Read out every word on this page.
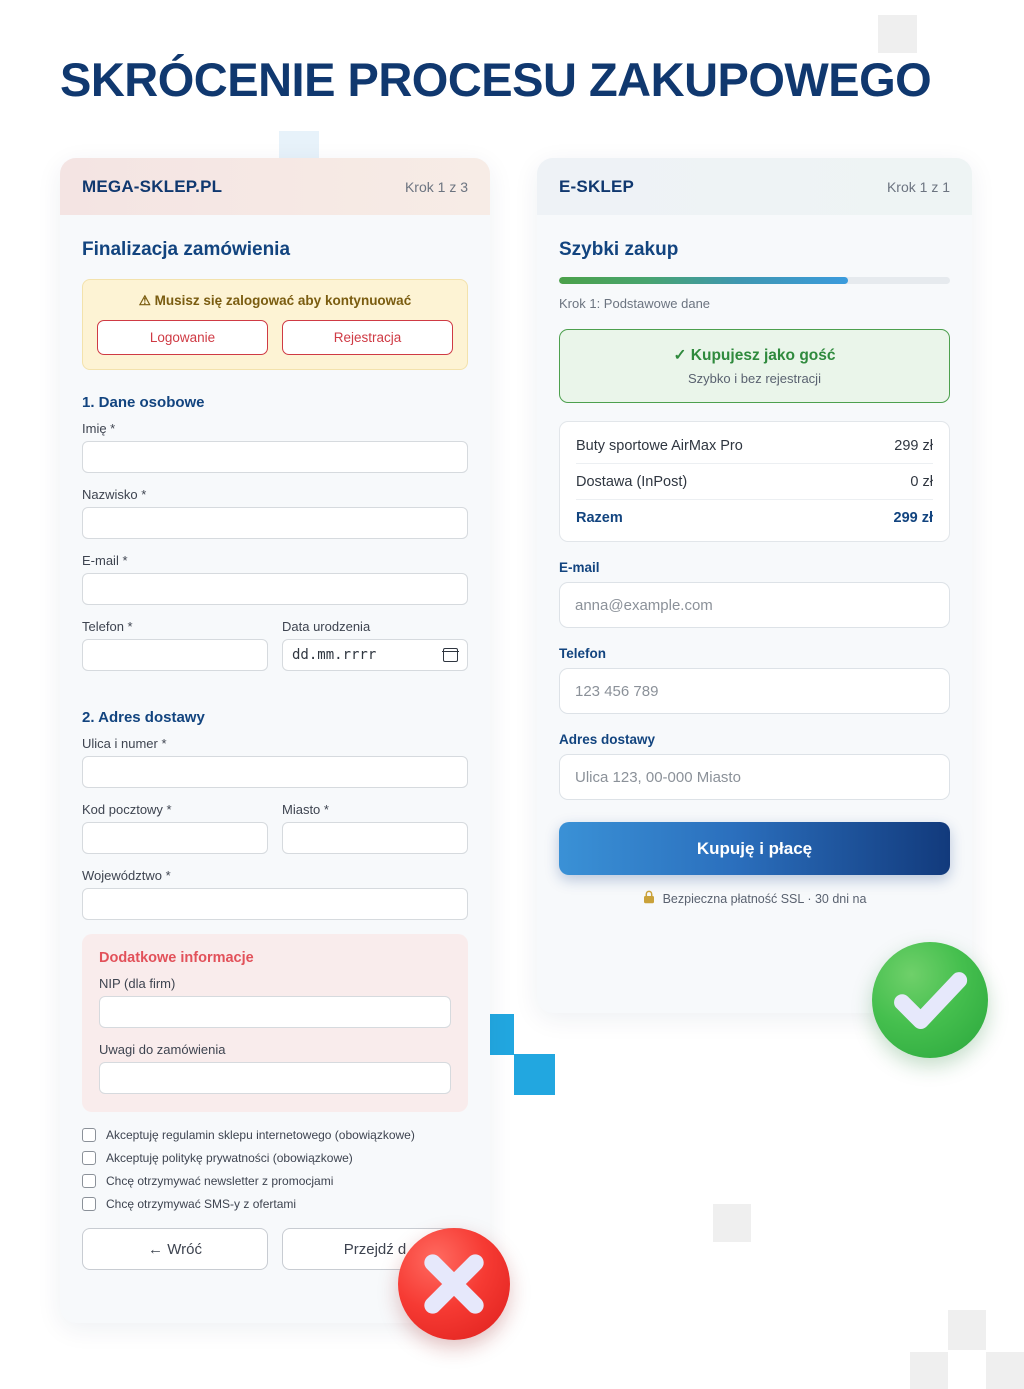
SKRÓCENIE PROCESU ZAKUPOWEGO
MEGA-SKLEP.PL	Krok 1 z 3
Finalizacja zamówienia
⚠ Musisz się zalogować aby kontynuować
Logowanie	Rejestracja
1. Dane osobowe
Imię *
Nazwisko *
E-mail *
Telefon *	Data urodzenia
dd.mm.rrrr
2. Adres dostawy
Ulica i numer *
Kod pocztowy *	Miasto *
Województwo *
Dodatkowe informacje
NIP (dla firm)
Uwagi do zamówienia
Akceptuję regulamin sklepu internetowego (obowiązkowe)
Akceptuję politykę prywatności (obowiązkowe)
Chcę otrzymywać newsletter z promocjami
Chcę otrzymywać SMS-y z ofertami
← Wróć	Przejdź d
E-SKLEP	Krok 1 z 1
Szybki zakup
Krok 1: Podstawowe dane
✓ Kupujesz jako gość
Szybko i bez rejestracji
Buty sportowe AirMax Pro	299 zł
Dostawa (InPost)	0 zł
Razem	299 zł
E-mail
anna@example.com
Telefon
123 456 789
Adres dostawy
Ulica 123, 00-000 Miasto
Kupuję i płacę
Bezpieczna płatność SSL · 30 dni na
